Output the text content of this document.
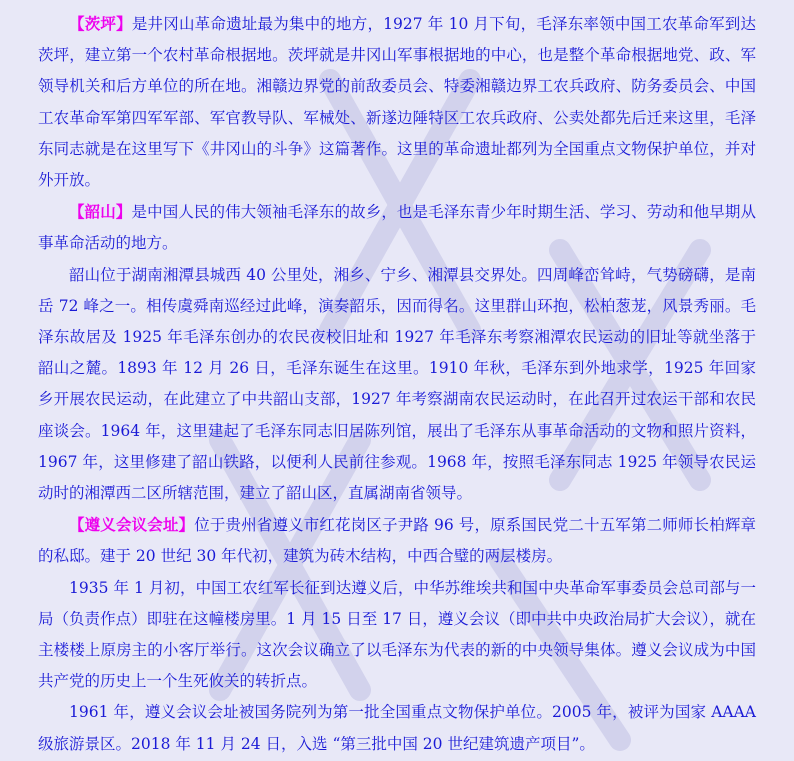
【茨坪】是井冈山革命遗址最为集中的地方，1927 年 10 月下旬，毛泽东率领中国工农革命军到达茨坪，建立第一个农村革命根据地。茨坪就是井冈山军事根据地的中心，也是整个革命根据地党、政、军领导机关和后方单位的所在地。湘赣边界党的前敌委员会、特委湘赣边界工农兵政府、防务委员会、中国工农革命军第四军军部、军官教导队、军械处、新遂边陲特区工农兵政府、公卖处都先后迁来这里，毛泽东同志就是在这里写下《井冈山的斗争》这篇著作。这里的革命遗址都列为全国重点文物保护单位，并对外开放。

【韶山】是中国人民的伟大领袖毛泽东的故乡，也是毛泽东青少年时期生活、学习、劳动和他早期从事革命活动的地方。

韶山位于湖南湘潭县城西 40 公里处，湘乡、宁乡、湘潭县交界处。四周峰峦耸峙，气势磅礴，是南岳 72 峰之一。相传虞舜南巡经过此峰，演奏韶乐，因而得名。这里群山环抱，松柏葱茏，风景秀丽。毛泽东故居及 1925 年毛泽东创办的农民夜校旧址和 1927 年毛泽东考察湘潭农民运动的旧址等就坐落于韶山之麓。1893 年 12 月 26 日，毛泽东诞生在这里。1910 年秋，毛泽东到外地求学，1925 年回家乡开展农民运动，在此建立了中共韶山支部，1927 年考察湖南农民运动时，在此召开过农运干部和农民座谈会。1964 年，这里建起了毛泽东同志旧居陈列馆，展出了毛泽东从事革命活动的文物和照片资料，1967 年，这里修建了韶山铁路，以便利人民前往参观。1968 年，按照毛泽东同志 1925 年领导农民运动时的湘潭西二区所辖范围，建立了韶山区，直属湖南省领导。

【遵义会议会址】位于贵州省遵义市红花岗区子尹路 96 号，原系国民党二十五军第二师师长柏辉章的私邸。建于 20 世纪 30 年代初，建筑为砖木结构，中西合璧的两层楼房。

1935 年 1 月初，中国工农红军长征到达遵义后，中华苏维埃共和国中央革命军事委员会总司部与一局（负责作点）即驻在这幢楼房里。1 月 15 日至 17 日，遵义会议（即中共中央政治局扩大会议），就在主楼楼上原房主的小客厅举行。这次会议确立了以毛泽东为代表的新的中央领导集体。遵义会议成为中国共产党的历史上一个生死攸关的转折点。

1961 年，遵义会议会址被国务院列为第一批全国重点文物保护单位。2005 年，被评为国家 AAAA 级旅游景区。2018 年 11 月 24 日，入选 “第三批中国 20 世纪建筑遗产项目”。
